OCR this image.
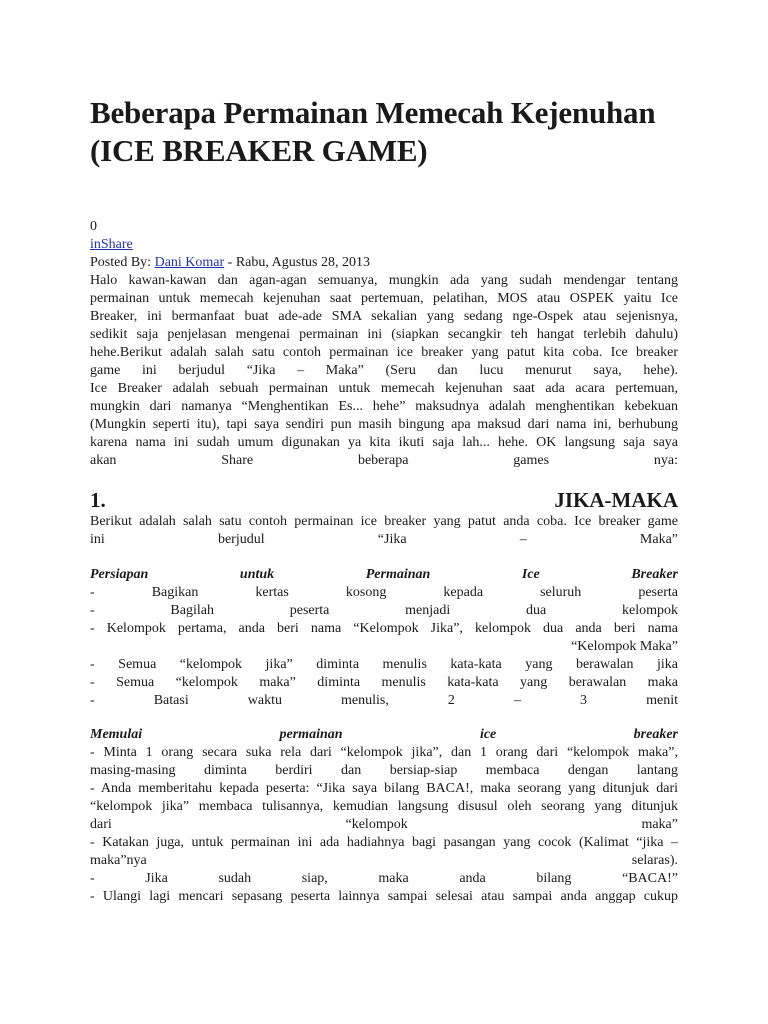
Beberapa Permainan Memecah Kejenuhan
(ICE BREAKER GAME)
0
inShare
Posted By: Dani Komar - Rabu, Agustus 28, 2013
Halo kawan-kawan dan agan-agan semuanya, mungkin ada yang sudah mendengar tentang
permainan untuk memecah kejenuhan saat pertemuan, pelatihan, MOS atau OSPEK yaitu Ice
Breaker, ini bermanfaat buat ade-ade SMA sekalian yang sedang nge-Ospek atau sejenisnya,
sedikit saja penjelasan mengenai permainan ini (siapkan secangkir teh hangat terlebih dahulu)
hehe.Berikut adalah salah satu contoh permainan ice breaker yang patut kita coba. Ice breaker
game ini berjudul “Jika – Maka” (Seru dan lucu menurut saya, hehe).
Ice Breaker adalah sebuah permainan untuk memecah kejenuhan saat ada acara pertemuan,
mungkin dari namanya “Menghentikan Es... hehe” maksudnya adalah menghentikan kebekuan
(Mungkin seperti itu), tapi saya sendiri pun masih bingung apa maksud dari nama ini, berhubung
karena nama ini sudah umum digunakan ya kita ikuti saja lah... hehe. OK langsung saja saya
akan Share beberapa games nya:
1.	JIKA-MAKA
Berikut adalah salah satu contoh permainan ice breaker yang patut anda coba. Ice breaker game
ini berjudul “Jika – Maka”
Persiapan untuk Permainan Ice Breaker
- Bagikan kertas kosong kepada seluruh peserta
- Bagilah peserta menjadi dua kelompok
- Kelompok pertama, anda beri nama “Kelompok Jika”, kelompok dua anda beri nama
“Kelompok Maka”
- Semua “kelompok jika” diminta menulis kata-kata yang berawalan jika
- Semua “kelompok maka” diminta menulis kata-kata yang berawalan maka
- Batasi waktu menulis, 2 – 3 menit
Memulai permainan ice breaker
- Minta 1 orang secara suka rela dari “kelompok jika”, dan 1 orang dari “kelompok maka”,
masing-masing diminta berdiri dan bersiap-siap membaca dengan lantang
- Anda memberitahu kepada peserta: “Jika saya bilang BACA!, maka seorang yang ditunjuk dari
“kelompok jika” membaca tulisannya, kemudian langsung disusul oleh seorang yang ditunjuk
dari “kelompok maka”
- Katakan juga, untuk permainan ini ada hadiahnya bagi pasangan yang cocok (Kalimat “jika –
maka”nya selaras).
- Jika sudah siap, maka anda bilang “BACA!”
- Ulangi lagi mencari sepasang peserta lainnya sampai selesai atau sampai anda anggap cukup
